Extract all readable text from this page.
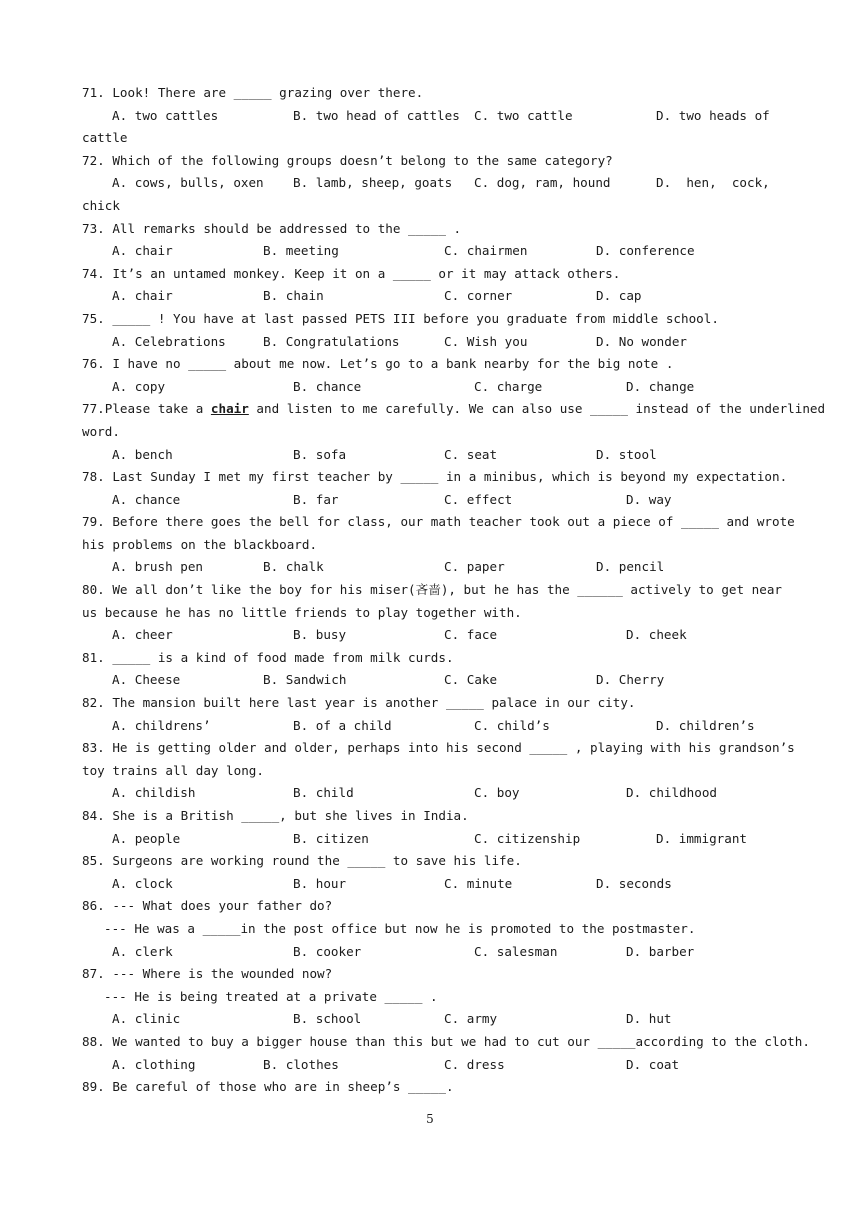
71. Look! There are _____ grazing over there.
A. two cattles	B. two head of cattles C. two cattle	D. two heads of
cattle
72. Which of the following groups doesn’t belong to the same category?
A. cows, bulls, oxen B. lamb, sheep, goats C. dog, ram, hound	D.  hen,  cock,
chick
73. All remarks should be addressed to the _____ .
A. chair	B. meeting	C. chairmen	D. conference
74. It’s an untamed monkey. Keep it on a _____ or it may attack others.
A. chair	B. chain	C. corner	D. cap
75. _____ ! You have at last passed PETS III before you graduate from middle school.
A. Celebrations	B. Congratulations	C. Wish you	D. No wonder
76. I have no _____ about me now. Let’s go to a bank nearby for the big note .
A. copy	B. chance	C. charge	D. change
77.Please take a chair and listen to me carefully. We can also use _____ instead of the underlined
word.
A. bench	B. sofa	C. seat	D. stool
78. Last Sunday I met my first teacher by _____ in a minibus, which is beyond my expectation.
A. chance	B. far	C. effect	D. way
79. Before there goes the bell for class, our math teacher took out a piece of _____ and wrote
his problems on the blackboard.
A. brush pen	B. chalk	C. paper	D. pencil
80. We all don’t like the boy for his miser(吝啬), but he has the ______ actively to get near
us because he has no little friends to play together with.
A. cheer	B. busy	C. face	D. cheek
81. _____ is a kind of food made from milk curds.
A. Cheese	B. Sandwich	C. Cake	D. Cherry
82. The mansion built here last year is another _____ palace in our city.
A. childrens’	B. of a child	C. child’s	D. children’s
83. He is getting older and older, perhaps into his second _____ , playing with his grandson’s
toy trains all day long.
A. childish	B. child	C. boy	D. childhood
84. She is a British _____, but she lives in India.
A. people	B. citizen	C. citizenship	D. immigrant
85. Surgeons are working round the _____ to save his life.
A. clock	B. hour	C. minute	D. seconds
86. --- What does your father do?
--- He was a _____in the post office but now he is promoted to the postmaster.
A. clerk	B. cooker	C. salesman	D. barber
87. --- Where is the wounded now?
--- He is being treated at a private _____ .
A. clinic	B. school	C. army	D. hut
88. We wanted to buy a bigger house than this but we had to cut our _____according to the cloth.
A. clothing	B. clothes	C. dress	D. coat
89. Be careful of those who are in sheep’s _____.
5
